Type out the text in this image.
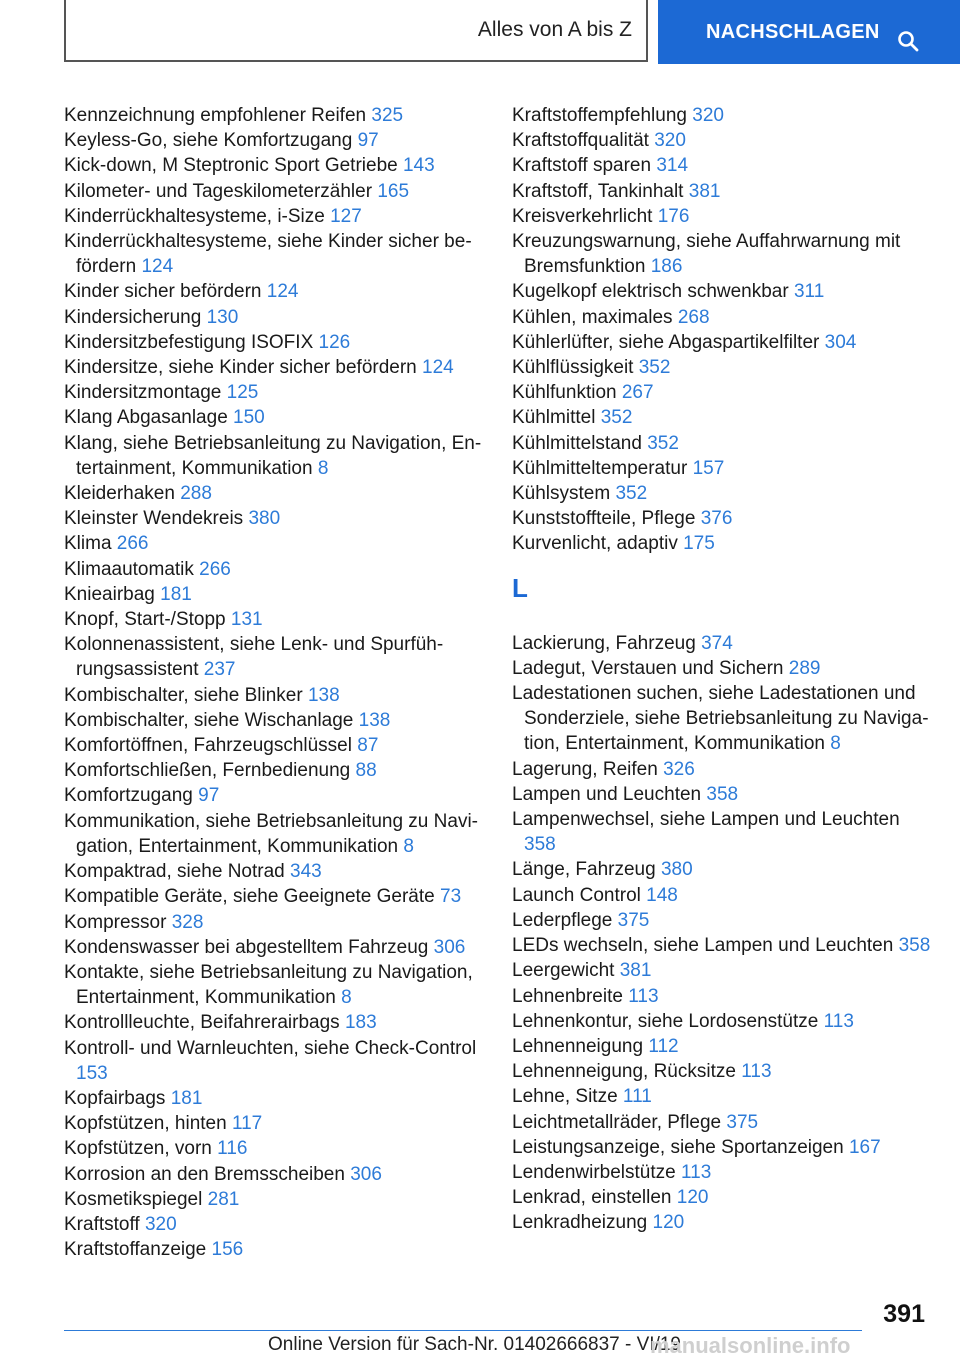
Alles von A bis Z	NACHSCHLAGEN
Kennzeichnung empfohlener Reifen 325
Keyless-Go, siehe Komfortzugang 97
Kick-down, M Steptronic Sport Getriebe 143
Kilometer- und Tageskilometerzähler 165
Kinderrückhaltesysteme, i-Size 127
Kinderrückhaltesysteme, siehe Kinder sicher befördern 124
Kinder sicher befördern 124
Kindersicherung 130
Kindersitzbefestigung ISOFIX 126
Kindersitze, siehe Kinder sicher befördern 124
Kindersitzmontage 125
Klang Abgasanlage 150
Klang, siehe Betriebsanleitung zu Navigation, Entertainment, Kommunikation 8
Kleiderhaken 288
Kleinster Wendekreis 380
Klima 266
Klimaautomatik 266
Knieairbag 181
Knopf, Start-/Stopp 131
Kolonnenassistent, siehe Lenk- und Spurführungsassistent 237
Kombischalter, siehe Blinker 138
Kombischalter, siehe Wischanlage 138
Komfortöffnen, Fahrzeugschlüssel 87
Komfortschließen, Fernbedienung 88
Komfortzugang 97
Kommunikation, siehe Betriebsanleitung zu Navigation, Entertainment, Kommunikation 8
Kompaktrad, siehe Notrad 343
Kompatible Geräte, siehe Geeignete Geräte 73
Kompressor 328
Kondenswasser bei abgestelltem Fahrzeug 306
Kontakte, siehe Betriebsanleitung zu Navigation, Entertainment, Kommunikation 8
Kontrollleuchte, Beifahrerairbags 183
Kontroll- und Warnleuchten, siehe Check-Control 153
Kopfairbags 181
Kopfstützen, hinten 117
Kopfstützen, vorn 116
Korrosion an den Bremsscheiben 306
Kosmetikspiegel 281
Kraftstoff 320
Kraftstoffanzeige 156
Kraftstoffempfehlung 320
Kraftstoffqualität 320
Kraftstoff sparen 314
Kraftstoff, Tankinhalt 381
Kreisverkehrlicht 176
Kreuzungswarnung, siehe Auffahrwarnung mit Bremsfunktion 186
Kugelkopf elektrisch schwenkbar 311
Kühlen, maximales 268
Kühlerlüfter, siehe Abgaspartikelfilter 304
Kühlflüssigkeit 352
Kühlfunktion 267
Kühlmittel 352
Kühlmittelstand 352
Kühlmitteltemperatur 157
Kühlsystem 352
Kunststoffteile, Pflege 376
Kurvenlicht, adaptiv 175
L
Lackierung, Fahrzeug 374
Ladegut, Verstauen und Sichern 289
Ladestationen suchen, siehe Ladestationen und Sonderziele, siehe Betriebsanleitung zu Navigation, Entertainment, Kommunikation 8
Lagerung, Reifen 326
Lampen und Leuchten 358
Lampenwechsel, siehe Lampen und Leuchten 358
Länge, Fahrzeug 380
Launch Control 148
Lederpflege 375
LEDs wechseln, siehe Lampen und Leuchten 358
Leergewicht 381
Lehnenbreite 113
Lehnenkontur, siehe Lordosenstütze 113
Lehnenneigung 112
Lehnenneigung, Rücksitze 113
Lehne, Sitze 111
Leichtmetallräder, Pflege 375
Leistungsanzeige, siehe Sportanzeigen 167
Lendenwirbelstütze 113
Lenkrad, einstellen 120
Lenkradheizung 120
391
Online Version für Sach-Nr. 01402666837 - VI/19
manualsonline.info
